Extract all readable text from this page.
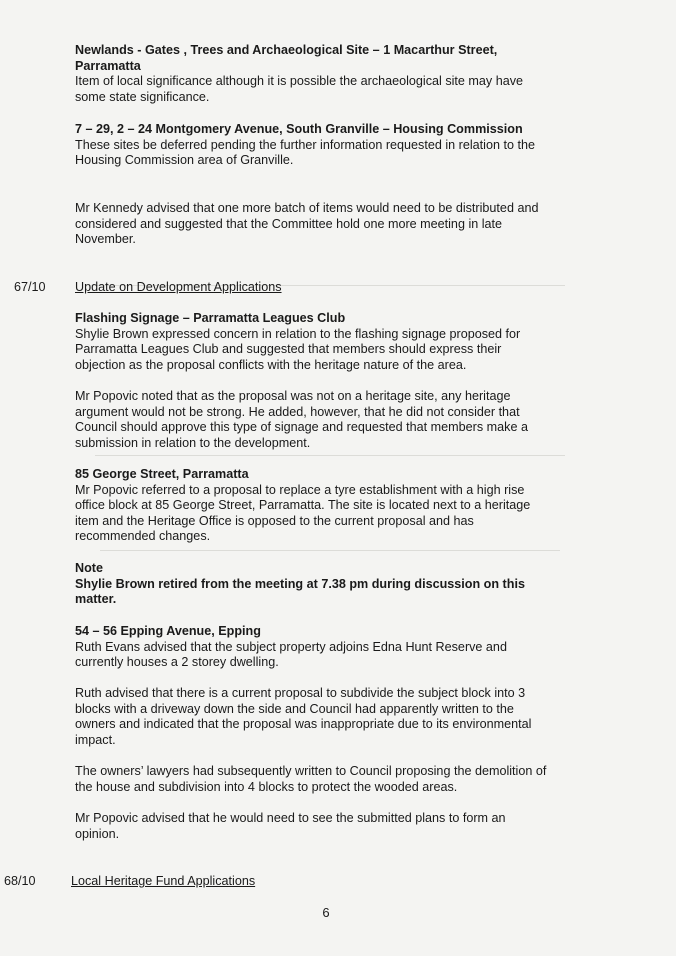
Newlands - Gates , Trees and Archaeological Site – 1 Macarthur Street,

Parramatta

Item of local significance although it is possible the archaeological site may have

some state significance.

7 – 29, 2 – 24 Montgomery Avenue, South Granville – Housing Commission

These sites be deferred pending the further information requested in relation to the

Housing Commission area of Granville.

Mr Kennedy advised that one more batch of items would need to be distributed and

considered and suggested that the Committee hold one more meeting in late

November.

67/10 Update on Development Applications

Flashing Signage – Parramatta Leagues Club

Shylie Brown expressed concern in relation to the flashing signage proposed for

Parramatta Leagues Club and suggested that members should express their

objection as the proposal conflicts with the heritage nature of the area.

Mr Popovic noted that as the proposal was not on a heritage site, any heritage

argument would not be strong. He added, however, that he did not consider that

Council should approve this type of signage and requested that members make a

submission in relation to the development.

85 George Street, Parramatta

Mr Popovic referred to a proposal to replace a tyre establishment with a high rise

office block at 85 George Street, Parramatta. The site is located next to a heritage

item and the Heritage Office is opposed to the current proposal and has

recommended changes.

Note

Shylie Brown retired from the meeting at 7.38 pm during discussion on this

matter.

54 – 56 Epping Avenue, Epping

Ruth Evans advised that the subject property adjoins Edna Hunt Reserve and

currently houses a 2 storey dwelling.

Ruth advised that there is a current proposal to subdivide the subject block into 3

blocks with a driveway down the side and Council had apparently written to the

owners and indicated that the proposal was inappropriate due to its environmental

impact.

The owners’ lawyers had subsequently written to Council proposing the demolition of

the house and subdivision into 4 blocks to protect the wooded areas.

Mr Popovic advised that he would need to see the submitted plans to form an

opinion.

68/10	Local Heritage Fund Applications
6
